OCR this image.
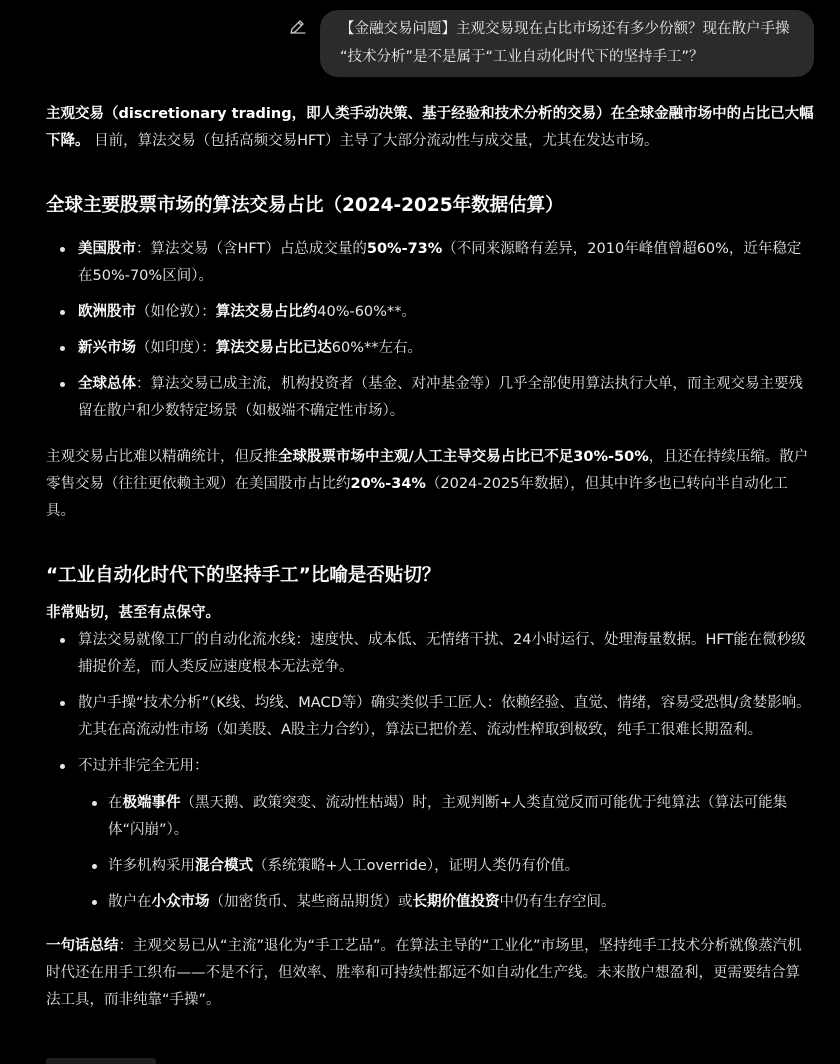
【金融交易问题】主观交易现在占比市场还有多少份额？现在散户手操
“技术分析”是不是属于“工业自动化时代下的坚持手工”？

主观交易（discretionary trading，即人类手动决策、基于经验和技术分析的交易）在全球金融市场中的占比已大幅下降。 目前，算法交易（包括高频交易HFT）主导了大部分流动性与成交量，尤其在发达市场。

全球主要股票市场的算法交易占比（2024-2025年数据估算）
美国股市：算法交易（含HFT）占总成交量的50%-73%（不同来源略有差异，2010年峰值曾超60%，近年稳定在50%-70%区间）。
欧洲股市（如伦敦）：算法交易占比约40%-60%**。
新兴市场（如印度）：算法交易占比已达60%**左右。
全球总体：算法交易已成主流，机构投资者（基金、对冲基金等）几乎全部使用算法执行大单，而主观交易主要残留在散户和少数特定场景（如极端不确定性市场）。

主观交易占比难以精确统计，但反推全球股票市场中主观/人工主导交易占比已不足30%-50%，且还在持续压缩。散户零售交易（往往更依赖主观）在美国股市占比约20%-34%（2024-2025年数据），但其中许多也已转向半自动化工具。

“工业自动化时代下的坚持手工”比喻是否贴切？

非常贴切，甚至有点保守。

算法交易就像工厂的自动化流水线：速度快、成本低、无情绪干扰、24小时运行、处理海量数据。HFT能在微秒级捕捉价差，而人类反应速度根本无法竞争。
散户手操“技术分析”（K线、均线、MACD等）确实类似手工匠人：依赖经验、直觉、情绪，容易受恐惧/贪婪影响。尤其在高流动性市场（如美股、A股主力合约），算法已把价差、流动性榨取到极致，纯手工很难长期盈利。
不过并非完全无用：
在极端事件（黑天鹅、政策突变、流动性枯竭）时，主观判断+人类直觉反而可能优于纯算法（算法可能集体“闪崩”）。
许多机构采用混合模式（系统策略+人工override），证明人类仍有价值。
散户在小众市场（加密货币、某些商品期货）或长期价值投资中仍有生存空间。

一句话总结：主观交易已从“主流”退化为“手工艺品”。在算法主导的“工业化”市场里，坚持纯手工技术分析就像蒸汽机时代还在用手工织布——不是不行，但效率、胜率和可持续性都远不如自动化生产线。未来散户想盈利，更需要结合算法工具，而非纯靠“手操”。
